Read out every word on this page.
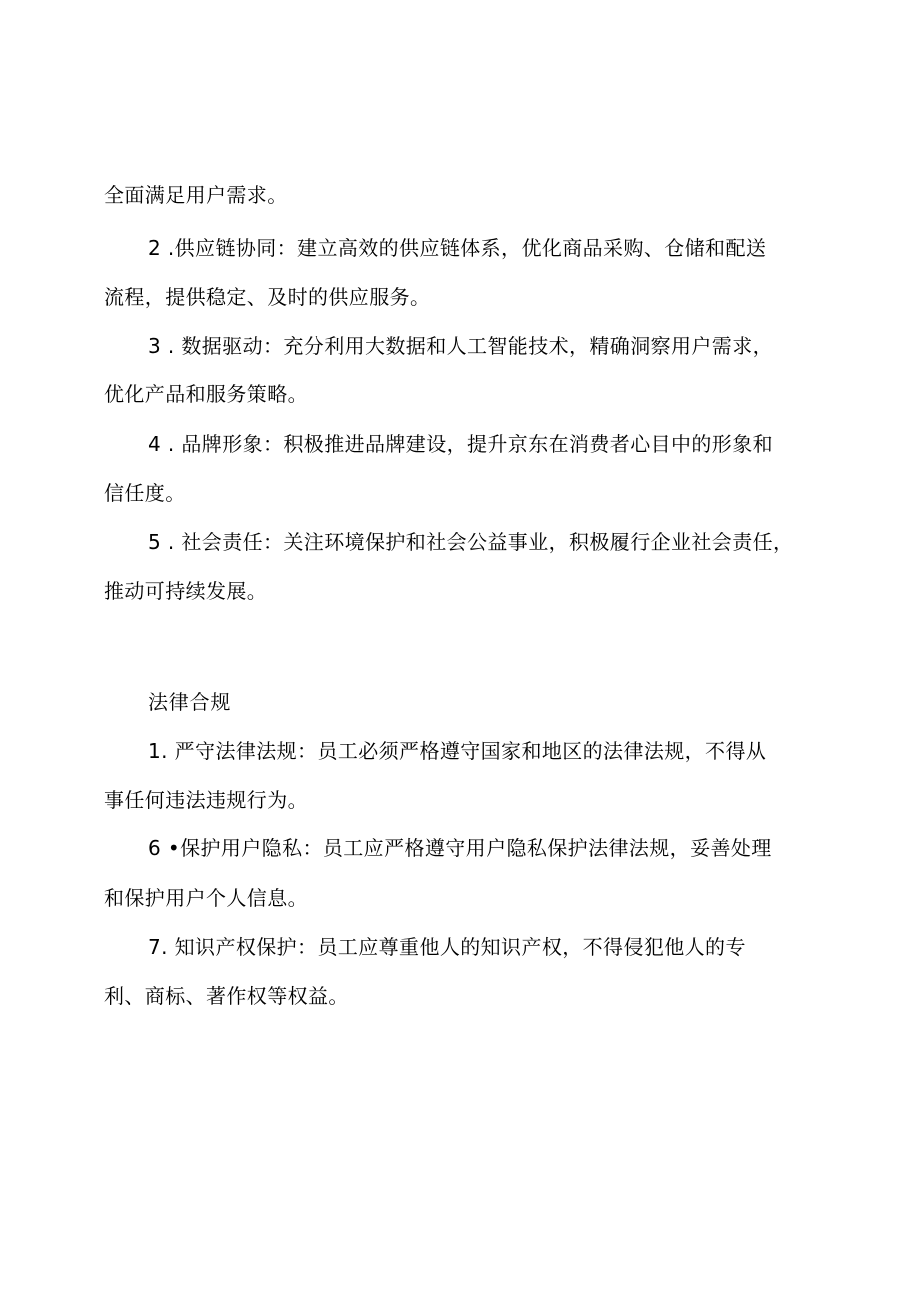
全面满足用户需求。
2 .供应链协同：建立高效的供应链体系，优化商品采购、仓储和配送
流程，提供稳定、及时的供应服务。
3 . 数据驱动：充分利用大数据和人工智能技术，精确洞察用户需求，
优化产品和服务策略。
4 . 品牌形象：积极推进品牌建设，提升京东在消费者心目中的形象和
信任度。
5 . 社会责任：关注环境保护和社会公益事业，积极履行企业社会责任，
推动可持续发展。
法律合规
1. 严守法律法规：员工必须严格遵守国家和地区的法律法规，不得从
事任何违法违规行为。
6 •保护用户隐私：员工应严格遵守用户隐私保护法律法规，妥善处理
和保护用户个人信息。
7. 知识产权保护：员工应尊重他人的知识产权，不得侵犯他人的专
利、商标、著作权等权益。
